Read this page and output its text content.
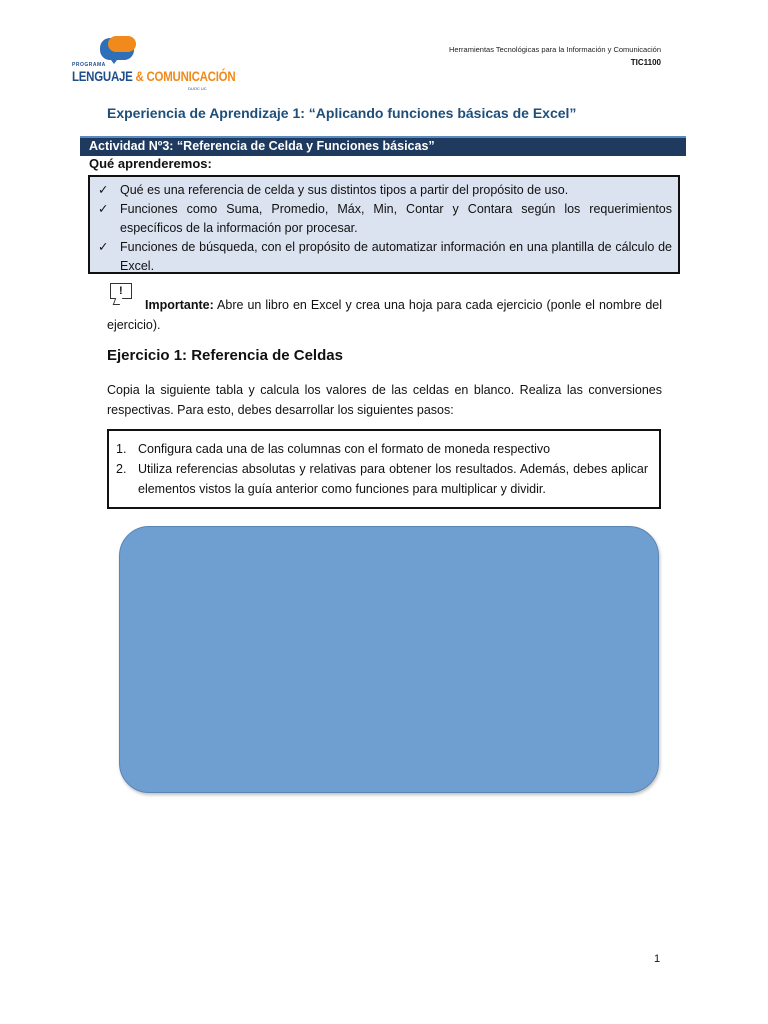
PROGRAMA
LENGUAJE & COMUNICACIÓN
DUOC UC
Herramientas Tecnológicas para la Información y Comunicación
TIC1100
Experiencia de Aprendizaje 1: “Aplicando funciones básicas de Excel”
Actividad Nº3: “Referencia de Celda y Funciones básicas”
Qué aprenderemos:
✓ Qué es una referencia de celda y sus distintos tipos a partir del propósito de uso.
✓ Funciones como Suma, Promedio, Máx, Min, Contar y Contara según los requerimientos específicos de la información por procesar.
✓ Funciones de búsqueda, con el propósito de automatizar información en una plantilla de cálculo de Excel.
!
Importante: Abre un libro en Excel y crea una hoja para cada ejercicio (ponle el nombre del ejercicio).
Ejercicio 1: Referencia de Celdas
Copia la siguiente tabla y calcula los valores de las celdas en blanco. Realiza las conversiones respectivas. Para esto, debes desarrollar los siguientes pasos:
1. Configura cada una de las columnas con el formato de moneda respectivo
2. Utiliza referencias absolutas y relativas para obtener los resultados. Además, debes aplicar elementos vistos la guía anterior como funciones para multiplicar y dividir.
1
